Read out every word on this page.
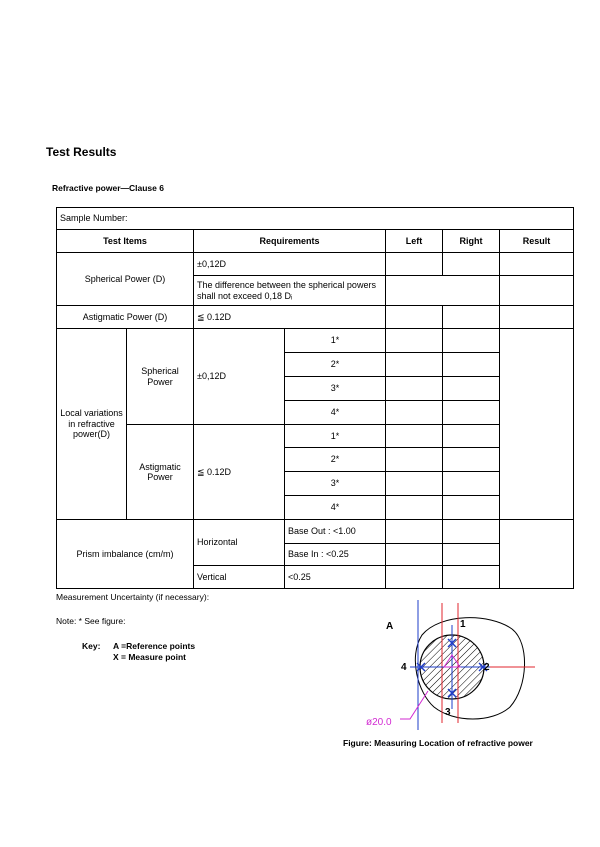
Test Results
Refractive power—Clause 6
Sample Number:						
Test Items		Requirements		Left	Right	Result
Spherical Power (D)		±0,12D				
		The difference between the spherical powers shall not exceed 0,18 Dᵢ				
Astigmatic Power (D)		≦ 0.12D				
Local variations in refractive power(D)	Spherical Power	±0,12D	1*			
			2*			
			3*			
			4*			
	Astigmatic Power	≦ 0.12D	1*			
			2*			
			3*			
			4*			
Prism imbalance (cm/m)		Horizontal	Base Out : <1.00			
			Base In : <0.25			
		Vertical	<0.25			
Measurement Uncertainty (if necessary):
Note: * See figure:
Key: A =Reference points
X = Measure point
A	1
2
3
4
ø20.0
Figure: Measuring Location of refractive power
